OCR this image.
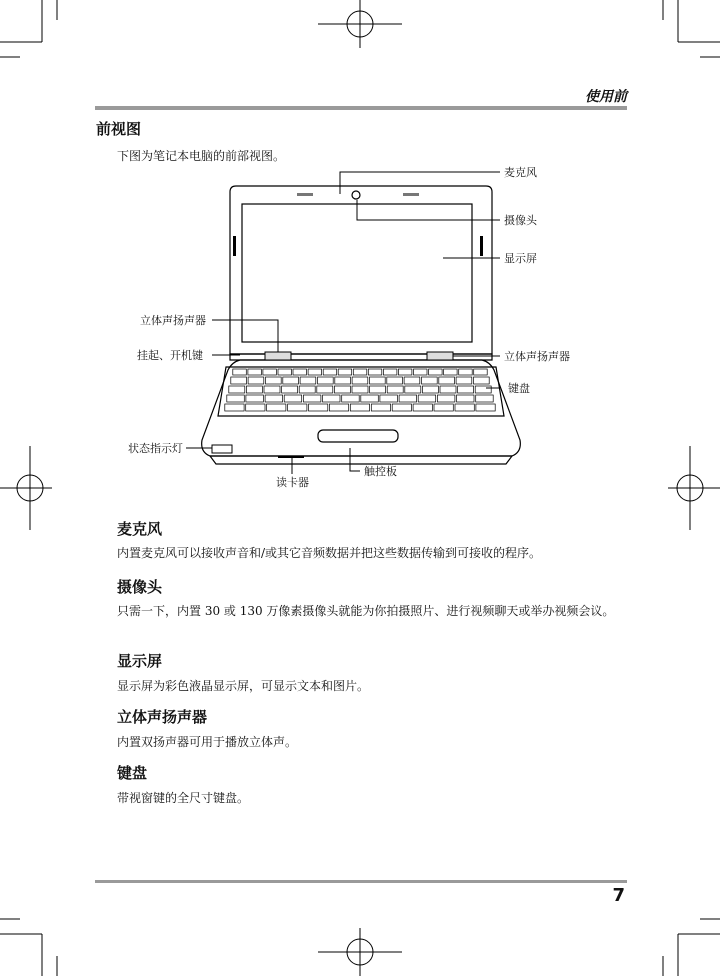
使用前
前视图
下图为笔记本电脑的前部视图。
麦克风
摄像头
显示屏
立体声扬声器
挂起、开机键	立体声扬声器
键盘
状态指示灯
触控板
读卡器
麦克风
内置麦克风可以接收声音和/或其它音频数据并把这些数据传输到可接收的程序。
摄像头
只需一下，内置 30 或 130 万像素摄像头就能为你拍摄照片、进行视频聊天或举办视频会议。
显示屏
显示屏为彩色液晶显示屏，可显示文本和图片。
立体声扬声器
内置双扬声器可用于播放立体声。
键盘
带视窗键的全尺寸键盘。
7
